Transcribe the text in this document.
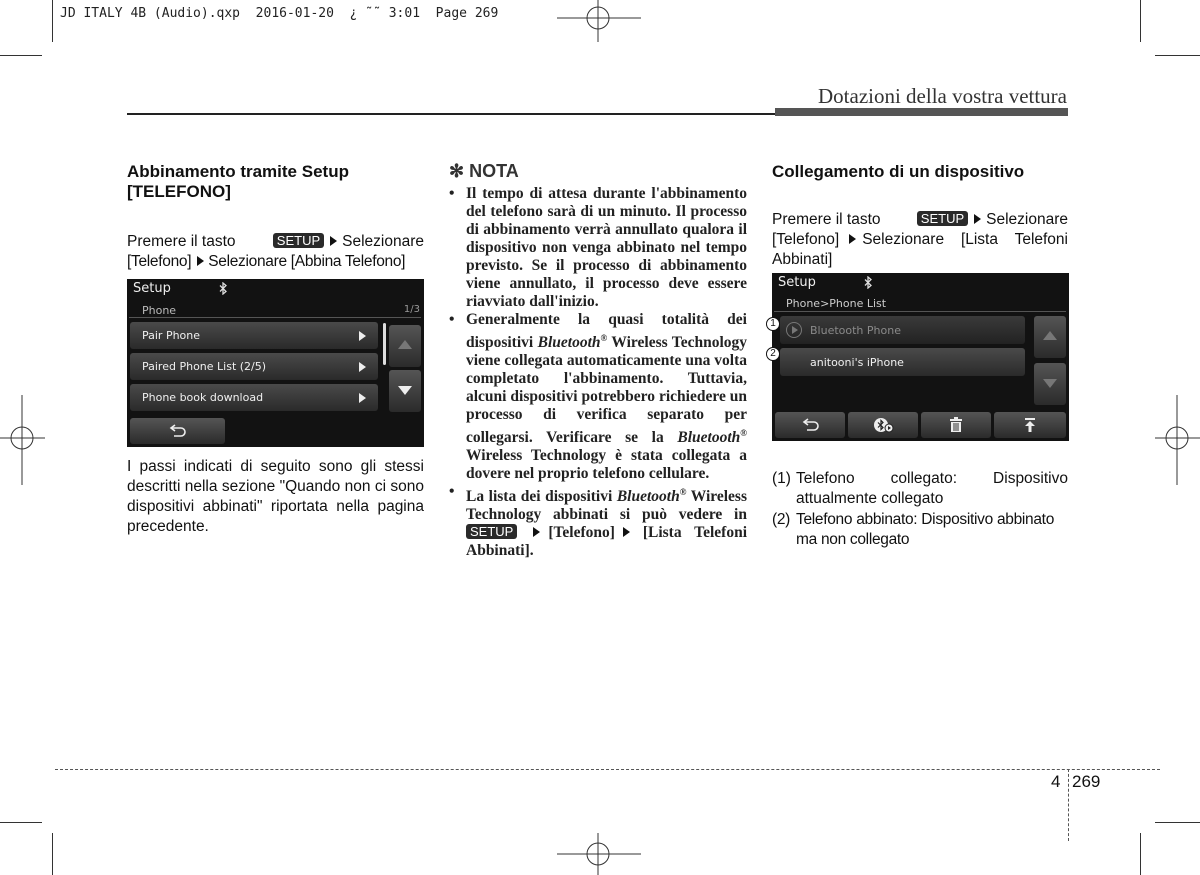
JD ITALY 4B (Audio).qxp  2016-01-20  ¿ ˜˜ 3:01  Page 269
Dotazioni della vostra vettura
Abbinamento tramite Setup [TELEFONO]
Premere il tasto	SETUP Selezionare
[Telefono] Selezionare [Abbina Telefono]
Setup
Phone	1/3
Pair Phone
Paired Phone List (2/5)
Phone book download
I passi indicati di seguito sono gli stessi descritti nella sezione "Quando non ci sono dispositivi abbinati" riportata nella pagina precedente.
✻ NOTA
• Il tempo di attesa durante l'abbinamento del telefono sarà di un minuto. Il processo di abbinamento verrà annullato qualora il dispositivo non venga abbinato nel tempo previsto. Se il processo di abbinamento viene annullato, il processo deve essere riavviato dall'inizio.
• Generalmente la quasi totalità dei dispositivi Bluetooth® Wireless Technology viene collegata automaticamente una volta completato l'abbinamento. Tuttavia, alcuni dispositivi potrebbero richiedere un processo di verifica separato per collegarsi. Verificare se la Bluetooth® Wireless Technology è stata collegata a dovere nel proprio telefono cellulare.
• La lista dei dispositivi Bluetooth® Wireless Technology abbinati si può vedere in SETUP [Telefono] [Lista Telefoni Abbinati].
Collegamento di un dispositivo
Premere il tasto	SETUP Selezionare
[Telefono] Selezionare [Lista Telefoni Abbinati]
Setup
Phone>Phone List
Bluetooth Phone
anitooni's iPhone
1
2
(1) Telefono collegato: Dispositivo attualmente collegato
(2) Telefono abbinato: Dispositivo abbinato ma non collegato
4 269
